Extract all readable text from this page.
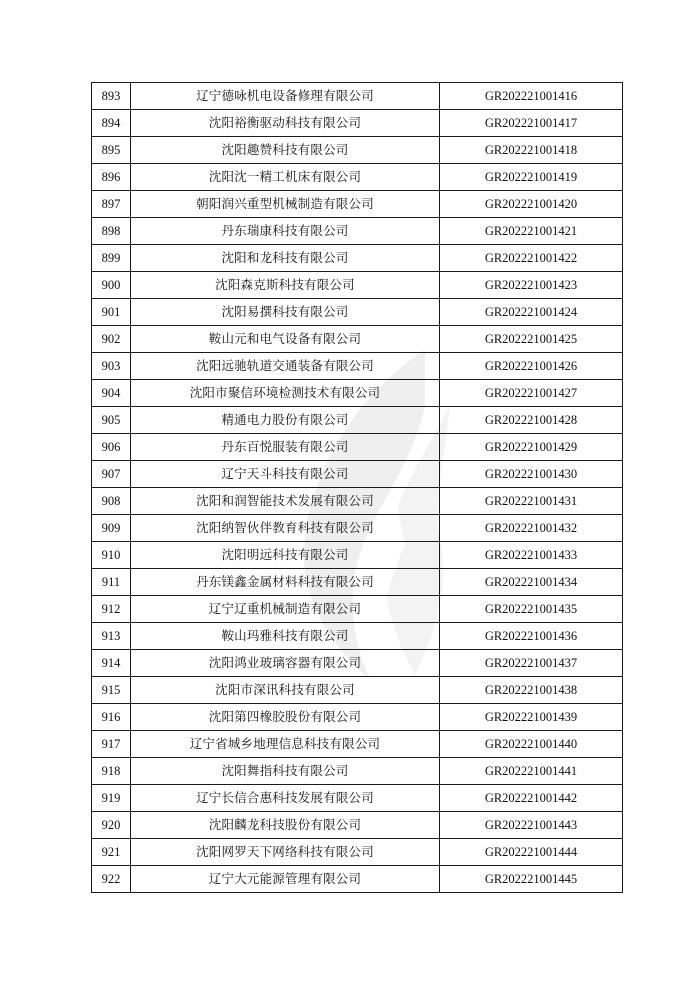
893	辽宁德咏机电设备修理有限公司	GR202221001416
894	沈阳裕衡驱动科技有限公司	GR202221001417
895	沈阳趣赞科技有限公司	GR202221001418
896	沈阳沈一精工机床有限公司	GR202221001419
897	朝阳润兴重型机械制造有限公司	GR202221001420
898	丹东瑞康科技有限公司	GR202221001421
899	沈阳和龙科技有限公司	GR202221001422
900	沈阳森克斯科技有限公司	GR202221001423
901	沈阳易撰科技有限公司	GR202221001424
902	鞍山元和电气设备有限公司	GR202221001425
903	沈阳远驰轨道交通装备有限公司	GR202221001426
904	沈阳市聚信环境检测技术有限公司	GR202221001427
905	精通电力股份有限公司	GR202221001428
906	丹东百悦服装有限公司	GR202221001429
907	辽宁天斗科技有限公司	GR202221001430
908	沈阳和润智能技术发展有限公司	GR202221001431
909	沈阳纳智伙伴教育科技有限公司	GR202221001432
910	沈阳明远科技有限公司	GR202221001433
911	丹东镁鑫金属材料科技有限公司	GR202221001434
912	辽宁辽重机械制造有限公司	GR202221001435
913	鞍山玛雅科技有限公司	GR202221001436
914	沈阳鸿业玻璃容器有限公司	GR202221001437
915	沈阳市深讯科技有限公司	GR202221001438
916	沈阳第四橡胶股份有限公司	GR202221001439
917	辽宁省城乡地理信息科技有限公司	GR202221001440
918	沈阳舞指科技有限公司	GR202221001441
919	辽宁长信合惠科技发展有限公司	GR202221001442
920	沈阳麟龙科技股份有限公司	GR202221001443
921	沈阳网罗天下网络科技有限公司	GR202221001444
922	辽宁大元能源管理有限公司	GR202221001445
